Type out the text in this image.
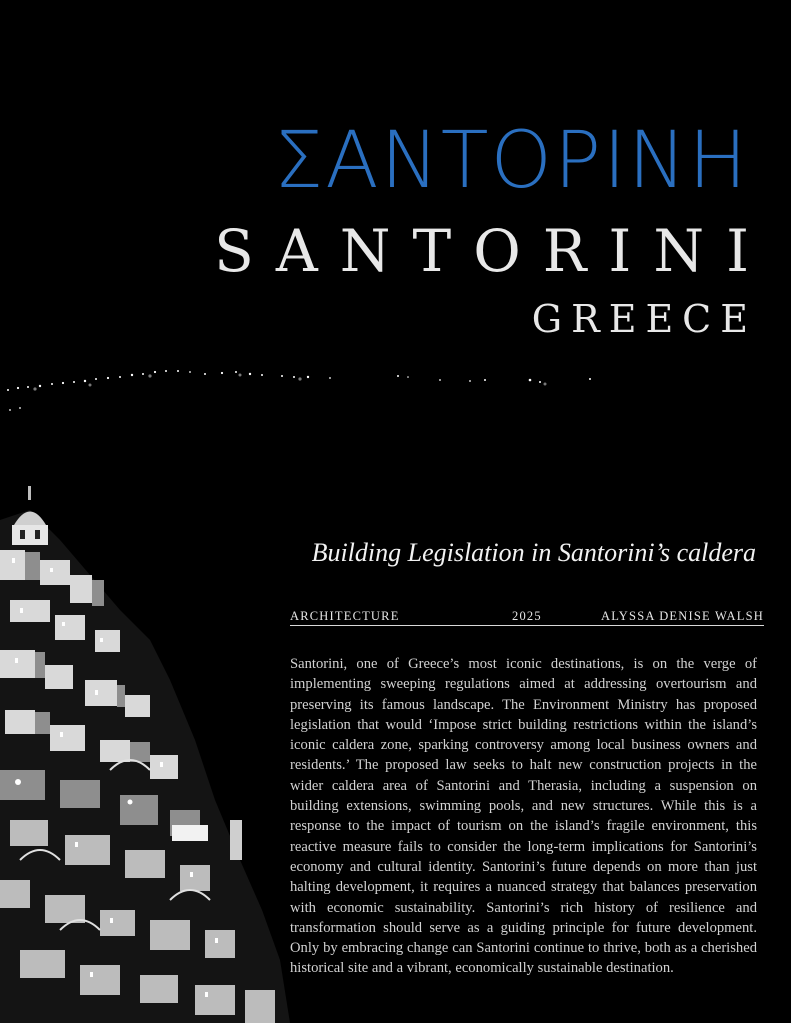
ΣΑΝΤΟΡΙΝΗ
SANTORINI
GREECE
Building Legislation in Santorini’s caldera
ARCHITECTURE	2025	ALYSSA DENISE WALSH

Santorini, one of Greece’s most iconic destinations, is on the verge of implementing sweeping regulations aimed at addressing overtourism and preserving its famous landscape. The Environment Ministry has proposed legislation that would ‘Impose strict building restrictions within the island’s iconic caldera zone, sparking controversy among local business owners and residents.’ The proposed law seeks to halt new construction projects in the wider caldera area of Santorini and Therasia, including a suspension on building extensions, swimming pools, and new structures. While this is a response to the impact of tourism on the island’s fragile environment, this reactive measure fails to consider the long-term implications for Santorini’s economy and cultural identity. Santorini’s future depends on more than just halting development, it requires a nuanced strategy that balances preservation with economic sustainability. Santorini’s rich history of resilience and transformation should serve as a guiding principle for future development. Only by embracing change can Santorini continue to thrive, both as a cherished historical site and a vibrant, economically sustainable destination.
